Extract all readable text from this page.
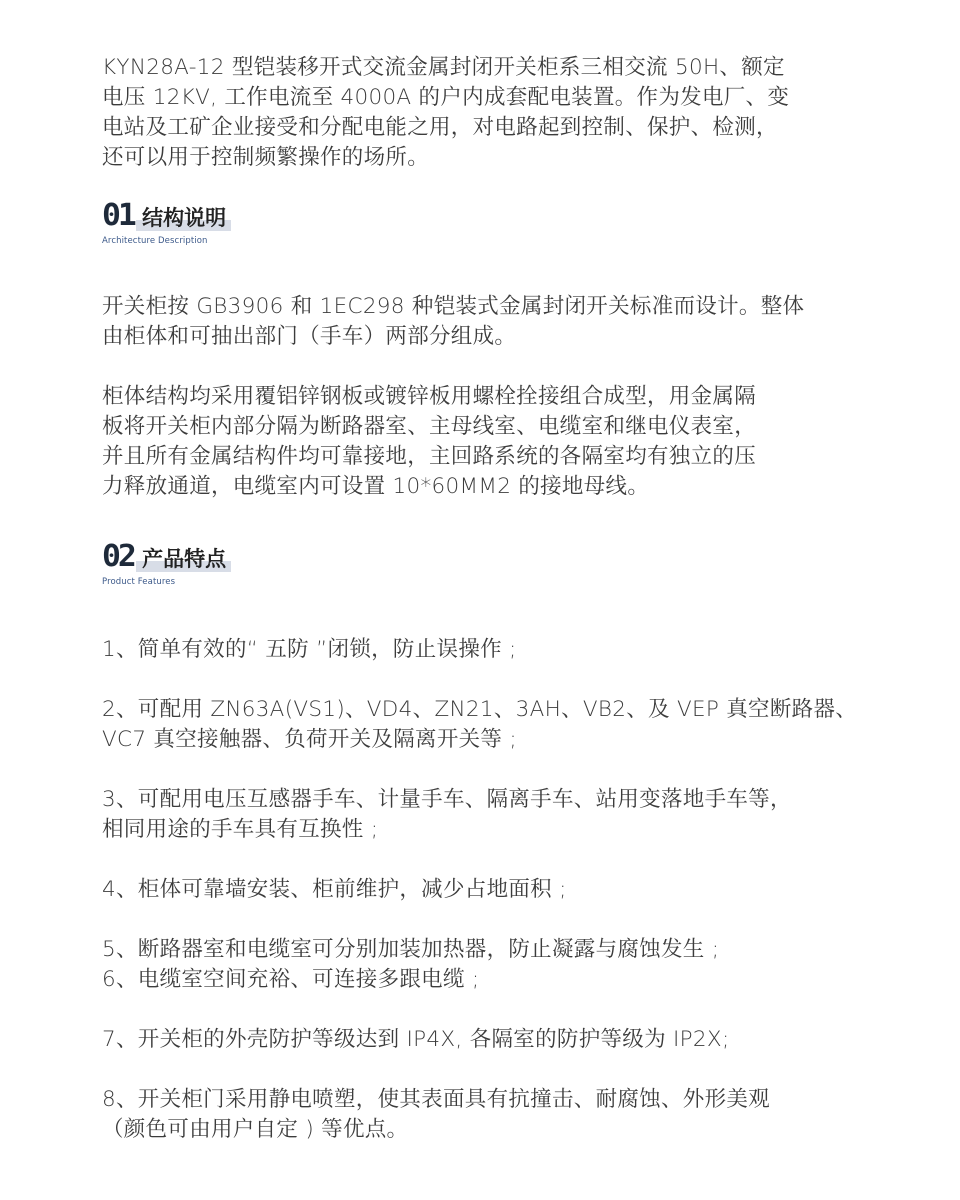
KYN28A-12 型铠装移开式交流金属封闭开关柜系三相交流 50H、额定

电压 12KV, 工作电流至 4000A 的户内成套配电装置。作为发电厂、变

电站及工矿企业接受和分配电能之用，对电路起到控制、保护、检测，

还可以用于控制频繁操作的场所。

01 结构说明
Architecture Description

开关柜按 GB3906 和 1EC298 种铠装式金属封闭开关标准而设计。整体

由柜体和可抽出部门（手车）两部分组成。

柜体结构均采用覆铝锌钢板或镀锌板用螺栓拴接组合成型，用金属隔

板将开关柜内部分隔为断路器室、主母线室、电缆室和继电仪表室，

并且所有金属结构件均可靠接地，主回路系统的各隔室均有独立的压

力释放通道，电缆室内可设置 10*60MM2 的接地母线。

02 产品特点
Product Features

1、简单有效的“ 五防 ”闭锁，防止误操作 ;

2、可配用 ZN63A(VS1)、VD4、ZN21、3AH、VB2、及 VEP 真空断路器、

VC7 真空接触器、负荷开关及隔离开关等 ;

3、可配用电压互感器手车、计量手车、隔离手车、站用变落地手车等，

相同用途的手车具有互换性 ;

4、柜体可靠墙安装、柜前维护，减少占地面积 ;

5、断路器室和电缆室可分别加装加热器，防止凝露与腐蚀发生 ;

6、电缆室空间充裕、可连接多跟电缆 ;

7、开关柜的外壳防护等级达到 IP4X, 各隔室的防护等级为 IP2X;

8、开关柜门采用静电喷塑，使其表面具有抗撞击、耐腐蚀、外形美观

（颜色可由用户自定 ) 等优点。
